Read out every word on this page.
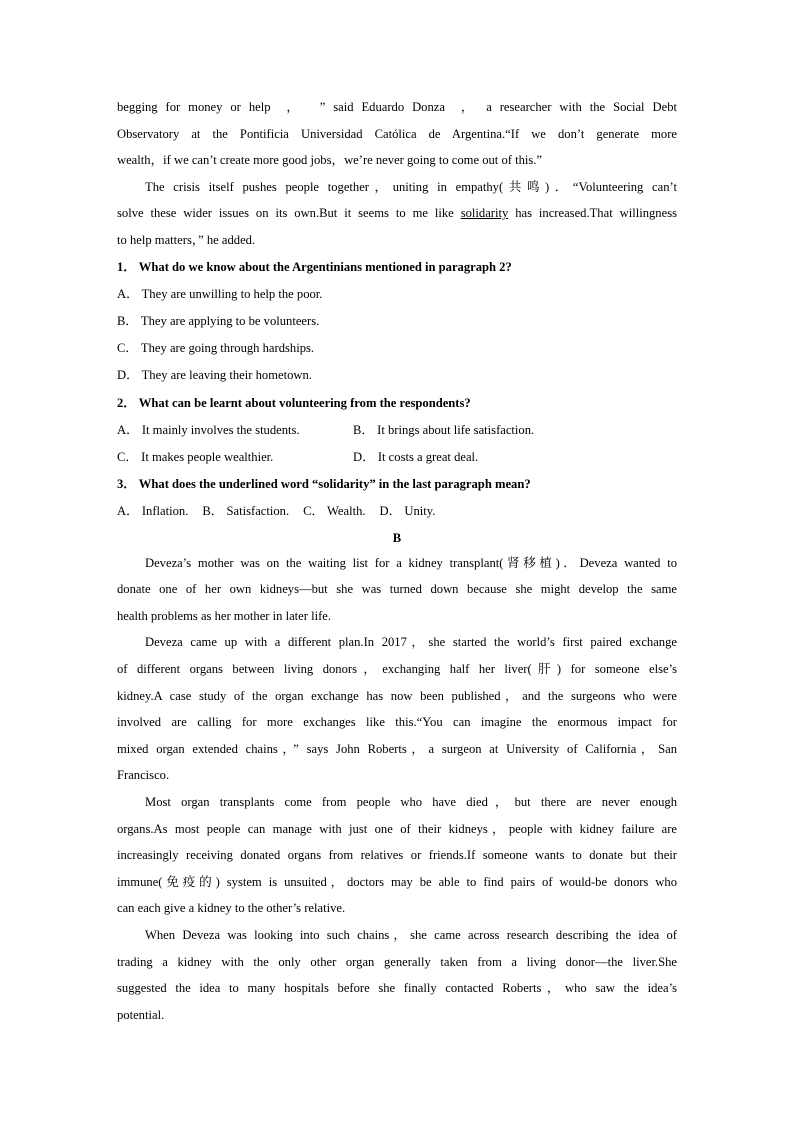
begging for money or help  ，  ” said Eduardo Donza  ， a researcher with the Social Debt

Observatory at the Pontificia Universidad Católica de Argentina.“If we don’t generate more

wealth，if we can’t create more good jobs，we’re never going to come out of this.”

The crisis itself pushes people together，uniting in empathy(共鸣)．“Volunteering can’t

solve these wider issues on its own.But it seems to me like solidarity has increased.That willingness

to help matters，” he added.

1． What do we know about the Argentinians mentioned in paragraph 2?

A． They are unwilling to help the poor.

B． They are applying to be volunteers.

C． They are going through hardships.

D． They are leaving their hometown.

2． What can be learnt about volunteering from the respondents?

A． It mainly involves the students.	B． It brings about life satisfaction.
C． It makes people wealthier.	D． It costs a great deal.

3． What does the underlined word “solidarity” in the last paragraph mean?

A． Inflation. B． Satisfaction. C． Wealth. D． Unity.

B

Deveza’s mother was on the waiting list for a kidney transplant(肾移植)．Deveza wanted to

donate one of her own kidneys—but she was turned down because she might develop the same

health problems as her mother in later life.

Deveza came up with a different plan.In 2017，she started the world’s first paired exchange

of different organs between living donors，exchanging half her liver(肝) for someone else’s

kidney.A case study of the organ exchange has now been published，and the surgeons who were

involved are calling for more exchanges like this.“You can imagine the enormous impact for

mixed organ extended chains，” says John Roberts，a surgeon at University of California，San

Francisco.

Most organ transplants come from people who have died，but there are never enough

organs.As most people can manage with just one of their kidneys，people with kidney failure are

increasingly receiving donated organs from relatives or friends.If someone wants to donate but their

immune(免疫的) system is unsuited，doctors may be able to find pairs of would-be donors who

can each give a kidney to the other’s relative.

When Deveza was looking into such chains，she came across research describing the idea of

trading a kidney with the only other organ generally taken from a living donor—the liver.She

suggested the idea to many hospitals before she finally contacted Roberts，who saw the idea’s

potential.
